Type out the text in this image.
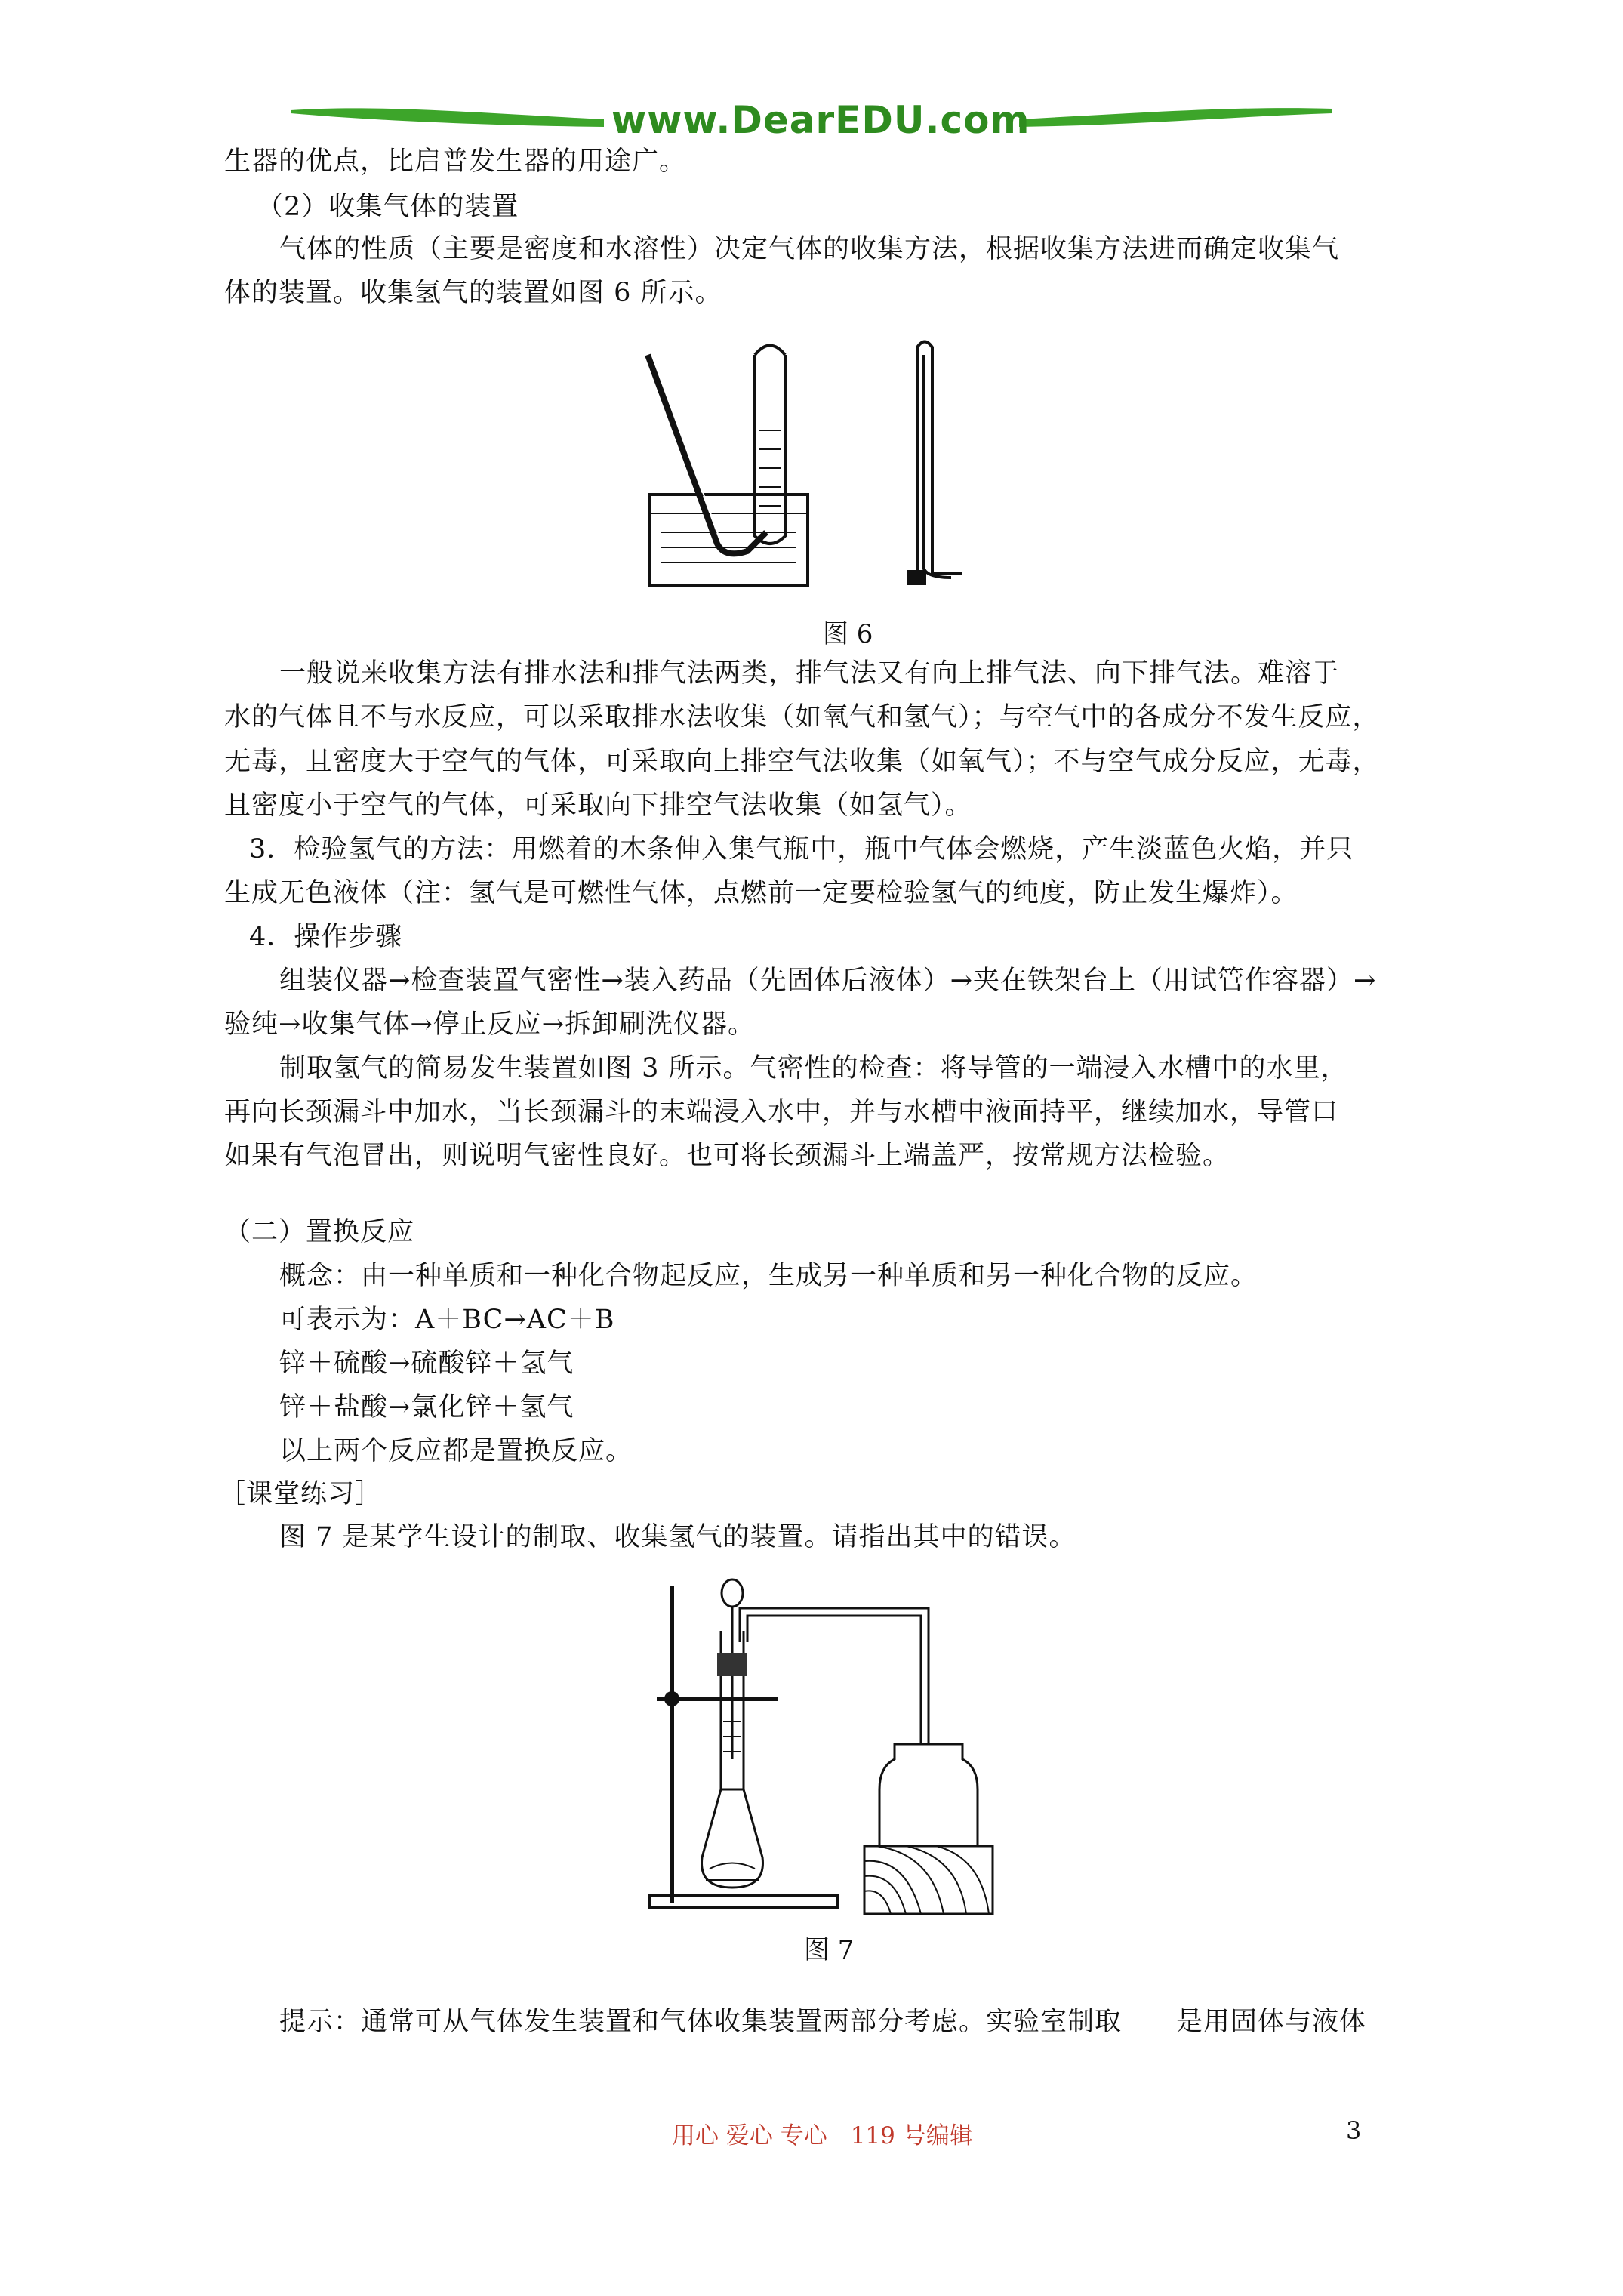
www.DearEDU.com
生器的优点，比启普发生器的用途广。
（2）收集气体的装置
气体的性质（主要是密度和水溶性）决定气体的收集方法，根据收集方法进而确定收集气
体的装置。收集氢气的装置如图 6 所示。
图 6
一般说来收集方法有排水法和排气法两类，排气法又有向上排气法、向下排气法。难溶于
水的气体且不与水反应，可以采取排水法收集（如氧气和氢气）；与空气中的各成分不发生反应，
无毒，且密度大于空气的气体，可采取向上排空气法收集（如氧气）；不与空气成分反应，无毒，
且密度小于空气的气体，可采取向下排空气法收集（如氢气）。
3．检验氢气的方法：用燃着的木条伸入集气瓶中，瓶中气体会燃烧，产生淡蓝色火焰，并只
生成无色液体（注：氢气是可燃性气体，点燃前一定要检验氢气的纯度，防止发生爆炸）。
4．操作步骤
组装仪器→检查装置气密性→装入药品（先固体后液体）→夹在铁架台上（用试管作容器）→
验纯→收集气体→停止反应→拆卸刷洗仪器。
制取氢气的简易发生装置如图 3 所示。气密性的检查：将导管的一端浸入水槽中的水里，
再向长颈漏斗中加水，当长颈漏斗的末端浸入水中，并与水槽中液面持平，继续加水，导管口
如果有气泡冒出，则说明气密性良好。也可将长颈漏斗上端盖严，按常规方法检验。
（二）置换反应
概念：由一种单质和一种化合物起反应，生成另一种单质和另一种化合物的反应。
可表示为：A＋BC→AC＋B
锌＋硫酸→硫酸锌＋氢气
锌＋盐酸→氯化锌＋氢气
以上两个反应都是置换反应。
［课堂练习］
图 7 是某学生设计的制取、收集氢气的装置。请指出其中的错误。
图 7
提示：通常可从气体发生装置和气体收集装置两部分考虑。实验室制取　　是用固体与液体
用心 爱心 专心　119 号编辑	3
